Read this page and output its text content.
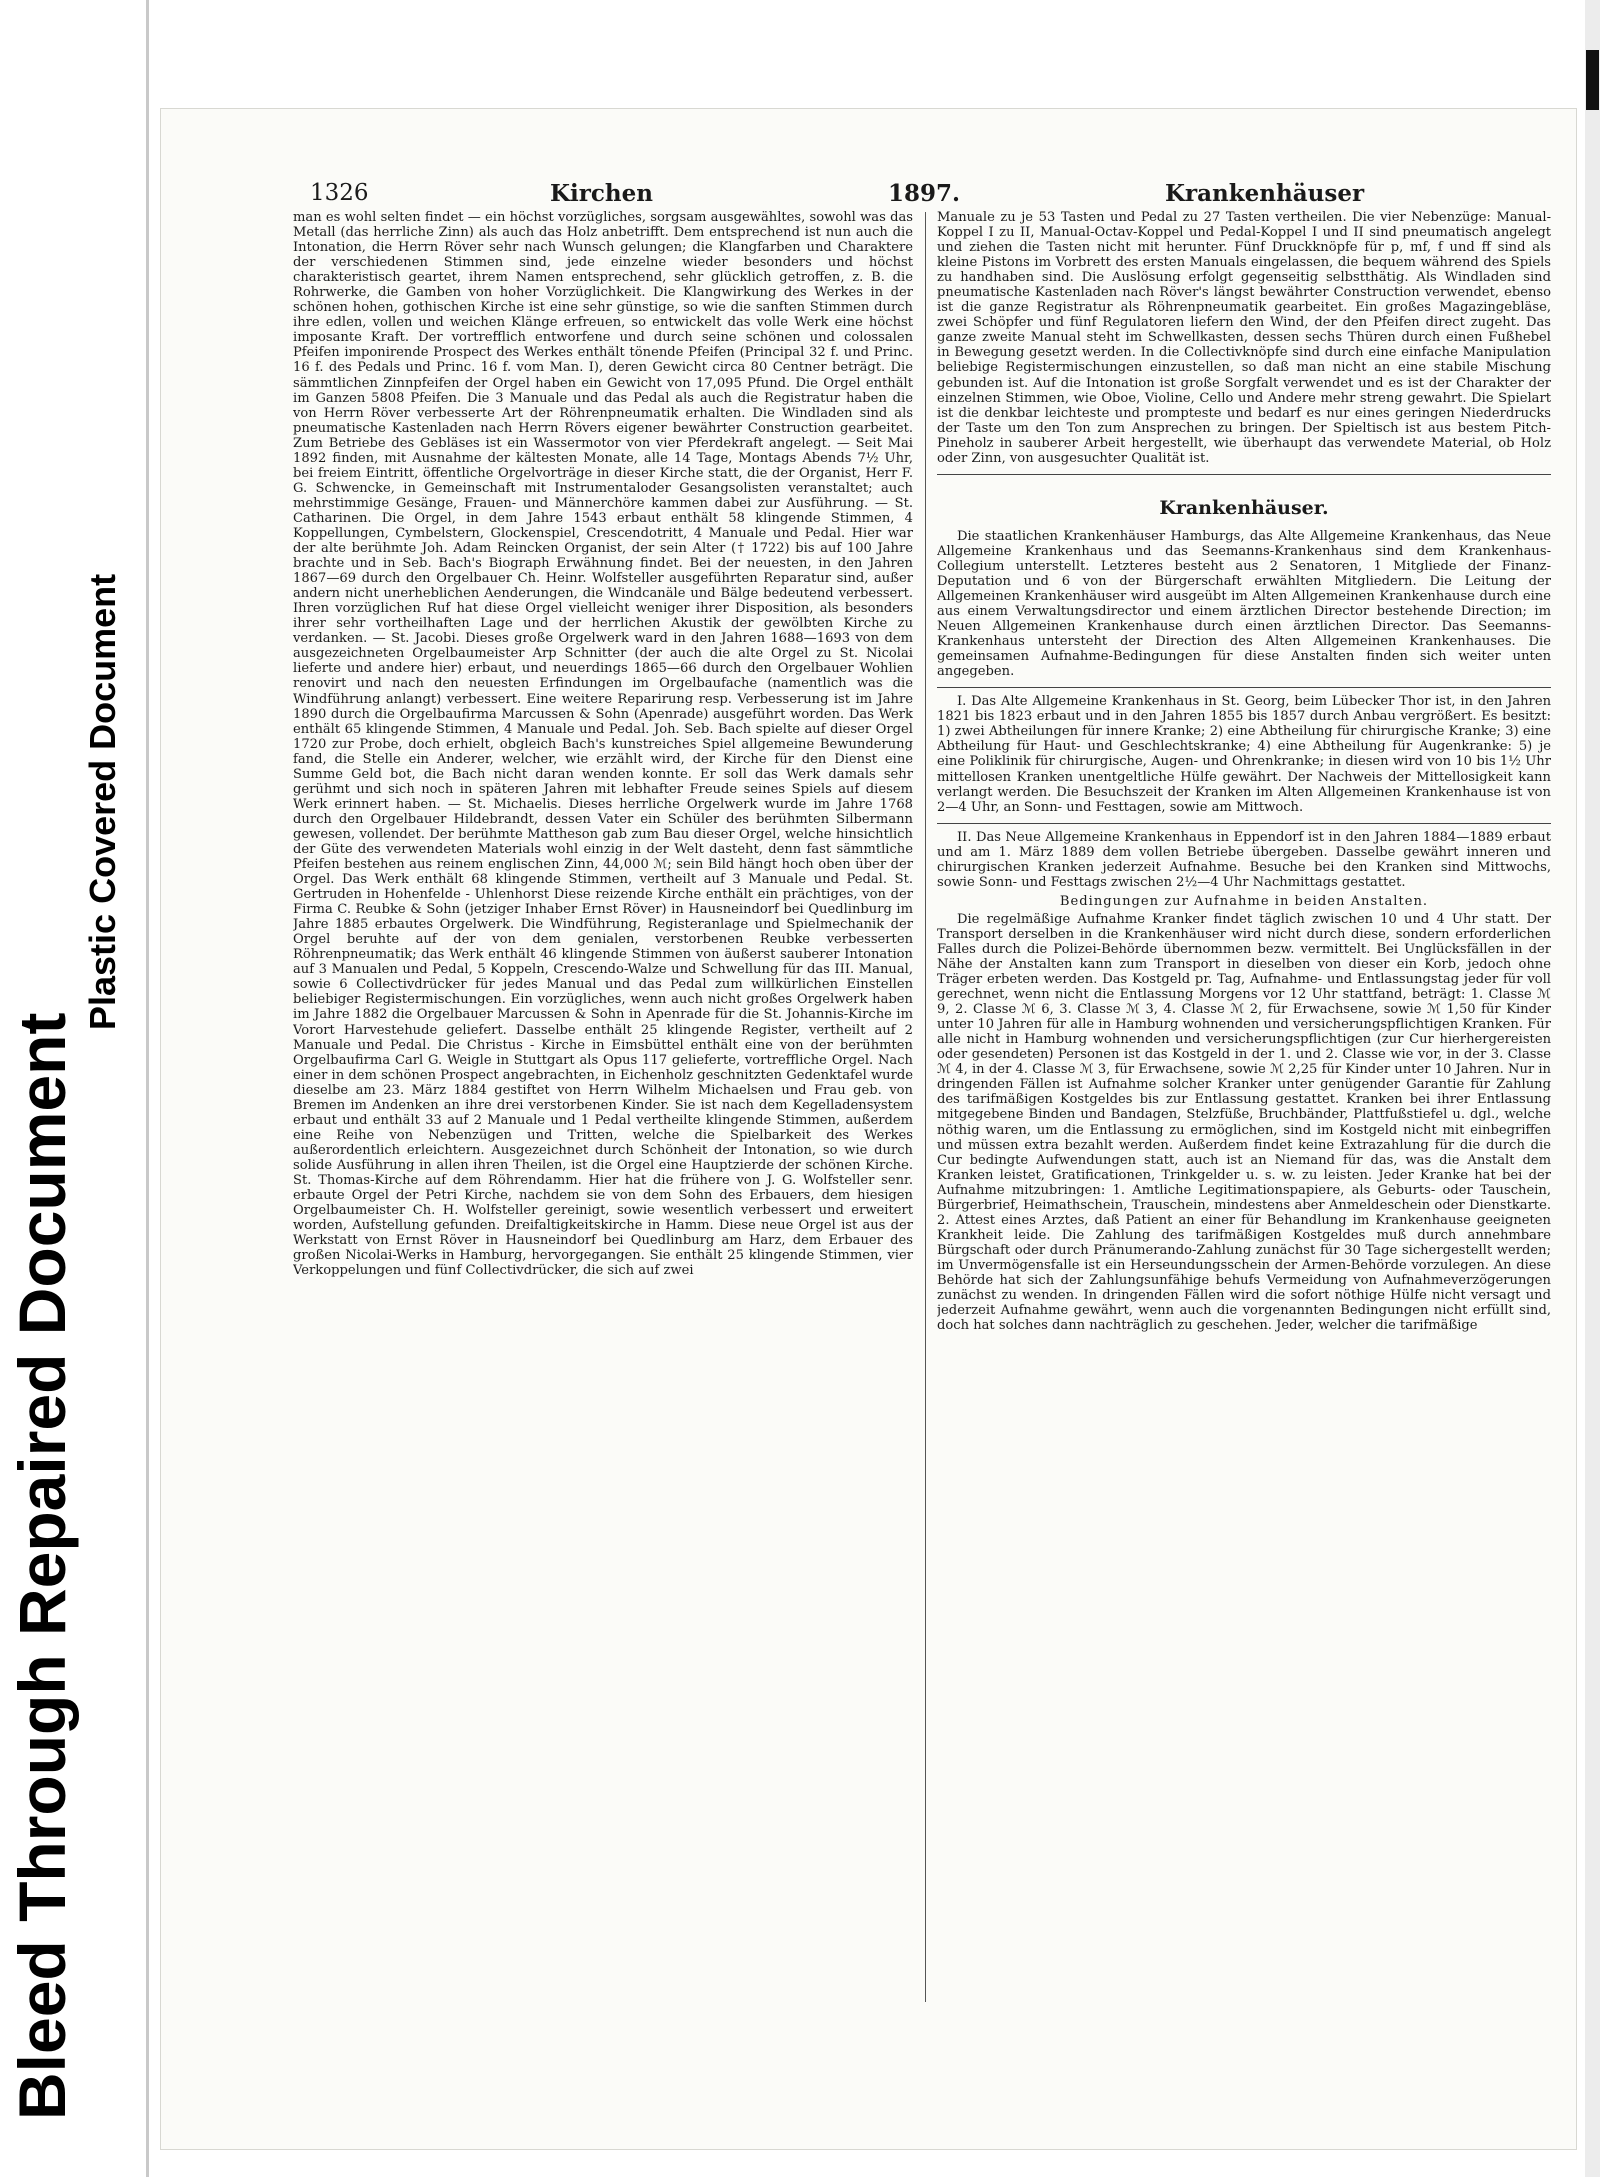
Bleed Through Repaired Document
Plastic Covered Document
1326	Kirchen	1897.	Krankenhäuser

man es wohl selten findet — ein höchst vorzügliches, sorgsam ausgewähltes, sowohl was das Metall (das herrliche Zinn) als auch das Holz anbetrifft. Dem entsprechend ist nun auch die Intonation, die Herrn Röver sehr nach Wunsch gelungen; die Klangfarben und Charaktere der verschiedenen Stimmen sind, jede einzelne wieder besonders und höchst charakteristisch geartet, ihrem Namen entsprechend, sehr glücklich getroffen, z. B. die Rohrwerke, die Gamben von hoher Vorzüglichkeit. Die Klangwirkung des Werkes in der schönen hohen, gothischen Kirche ist eine sehr günstige, so wie die sanften Stimmen durch ihre edlen, vollen und weichen Klänge erfreuen, so entwickelt das volle Werk eine höchst imposante Kraft. Der vortrefflich entworfene und durch seine schönen und colossalen Pfeifen imponirende Prospect des Werkes enthält tönende Pfeifen (Principal 32 f. und Princ. 16 f. des Pedals und Princ. 16 f. vom Man. I), deren Gewicht circa 80 Centner beträgt. Die sämmtlichen Zinnpfeifen der Orgel haben ein Gewicht von 17,095 Pfund. Die Orgel enthält im Ganzen 5808 Pfeifen. Die 3 Manuale und das Pedal als auch die Registratur haben die von Herrn Röver verbesserte Art der Röhrenpneumatik erhalten. Die Windladen sind als pneumatische Kastenladen nach Herrn Rövers eigener bewährter Construction gearbeitet. Zum Betriebe des Gebläses ist ein Wassermotor von vier Pferdekraft angelegt. — Seit Mai 1892 finden, mit Ausnahme der kältesten Monate, alle 14 Tage, Montags Abends 7½ Uhr, bei freiem Eintritt, öffentliche Orgelvorträge in dieser Kirche statt, die der Organist, Herr F. G. Schwencke, in Gemeinschaft mit Instrumentaloder Gesangsolisten veranstaltet; auch mehrstimmige Gesänge, Frauen- und Männerchöre kammen dabei zur Ausführung. — St. Catharinen. Die Orgel, in dem Jahre 1543 erbaut enthält 58 klingende Stimmen, 4 Koppellungen, Cymbelstern, Glockenspiel, Crescendotritt, 4 Manuale und Pedal. Hier war der alte berühmte Joh. Adam Reincken Organist, der sein Alter († 1722) bis auf 100 Jahre brachte und in Seb. Bach's Biograph Erwähnung findet. Bei der neuesten, in den Jahren 1867—69 durch den Orgelbauer Ch. Heinr. Wolfsteller ausgeführten Reparatur sind, außer andern nicht unerheblichen Aenderungen, die Windcanäle und Bälge bedeutend verbessert. Ihren vorzüglichen Ruf hat diese Orgel vielleicht weniger ihrer Disposition, als besonders ihrer sehr vortheilhaften Lage und der herrlichen Akustik der gewölbten Kirche zu verdanken. — St. Jacobi. Dieses große Orgelwerk ward in den Jahren 1688—1693 von dem ausgezeichneten Orgelbaumeister Arp Schnitter (der auch die alte Orgel zu St. Nicolai lieferte und andere hier) erbaut, und neuerdings 1865—66 durch den Orgelbauer Wohlien renovirt und nach den neuesten Erfindungen im Orgelbaufache (namentlich was die Windführung anlangt) verbessert. Eine weitere Reparirung resp. Verbesserung ist im Jahre 1890 durch die Orgelbaufirma Marcussen & Sohn (Apenrade) ausgeführt worden. Das Werk enthält 65 klingende Stimmen, 4 Manuale und Pedal. Joh. Seb. Bach spielte auf dieser Orgel 1720 zur Probe, doch erhielt, obgleich Bach's kunstreiches Spiel allgemeine Bewunderung fand, die Stelle ein Anderer, welcher, wie erzählt wird, der Kirche für den Dienst eine Summe Geld bot, die Bach nicht daran wenden konnte. Er soll das Werk damals sehr gerühmt und sich noch in späteren Jahren mit lebhafter Freude seines Spiels auf diesem Werk erinnert haben. — St. Michaelis. Dieses herrliche Orgelwerk wurde im Jahre 1768 durch den Orgelbauer Hildebrandt, dessen Vater ein Schüler des berühmten Silbermann gewesen, vollendet. Der berühmte Mattheson gab zum Bau dieser Orgel, welche hinsichtlich der Güte des verwendeten Materials wohl einzig in der Welt dasteht, denn fast sämmtliche Pfeifen bestehen aus reinem englischen Zinn, 44,000 ℳ; sein Bild hängt hoch oben über der Orgel. Das Werk enthält 68 klingende Stimmen, vertheilt auf 3 Manuale und Pedal. St. Gertruden in Hohenfelde - Uhlenhorst Diese reizende Kirche enthält ein prächtiges, von der Firma C. Reubke & Sohn (jetziger Inhaber Ernst Röver) in Hausneindorf bei Quedlinburg im Jahre 1885 erbautes Orgelwerk. Die Windführung, Registeranlage und Spielmechanik der Orgel beruhte auf der von dem genialen, verstorbenen Reubke verbesserten Röhrenpneumatik; das Werk enthält 46 klingende Stimmen von äußerst sauberer Intonation auf 3 Manualen und Pedal, 5 Koppeln, Crescendo-Walze und Schwellung für das III. Manual, sowie 6 Collectivdrücker für jedes Manual und das Pedal zum willkürlichen Einstellen beliebiger Registermischungen. Ein vorzügliches, wenn auch nicht großes Orgelwerk haben im Jahre 1882 die Orgelbauer Marcussen & Sohn in Apenrade für die St. Johannis-Kirche im Vorort Harvestehude geliefert. Dasselbe enthält 25 klingende Register, vertheilt auf 2 Manuale und Pedal. Die Christus - Kirche in Eimsbüttel enthält eine von der berühmten Orgelbaufirma Carl G. Weigle in Stuttgart als Opus 117 gelieferte, vortreffliche Orgel. Nach einer in dem schönen Prospect angebrachten, in Eichenholz geschnitzten Gedenktafel wurde dieselbe am 23. März 1884 gestiftet von Herrn Wilhelm Michaelsen und Frau geb. von Bremen im Andenken an ihre drei verstorbenen Kinder. Sie ist nach dem Kegelladensystem erbaut und enthält 33 auf 2 Manuale und 1 Pedal vertheilte klingende Stimmen, außerdem eine Reihe von Nebenzügen und Tritten, welche die Spielbarkeit des Werkes außerordentlich erleichtern. Ausgezeichnet durch Schönheit der Intonation, so wie durch solide Ausführung in allen ihren Theilen, ist die Orgel eine Hauptzierde der schönen Kirche. St. Thomas-Kirche auf dem Röhrendamm. Hier hat die frühere von J. G. Wolfsteller senr. erbaute Orgel der Petri Kirche, nachdem sie von dem Sohn des Erbauers, dem hiesigen Orgelbaumeister Ch. H. Wolfsteller gereinigt, sowie wesentlich verbessert und erweitert worden, Aufstellung gefunden. Dreifaltigkeitskirche in Hamm. Diese neue Orgel ist aus der Werkstatt von Ernst Röver in Hausneindorf bei Quedlinburg am Harz, dem Erbauer des großen Nicolai-Werks in Hamburg, hervorgegangen. Sie enthält 25 klingende Stimmen, vier Verkoppelungen und fünf Collectivdrücker, die sich auf zwei

Manuale zu je 53 Tasten und Pedal zu 27 Tasten vertheilen. Die vier Nebenzüge: Manual-Koppel I zu II, Manual-Octav-Koppel und Pedal-Koppel I und II sind pneumatisch angelegt und ziehen die Tasten nicht mit herunter. Fünf Druckknöpfe für p, mf, f und ff sind als kleine Pistons im Vorbrett des ersten Manuals eingelassen, die bequem während des Spiels zu handhaben sind. Die Auslösung erfolgt gegenseitig selbstthätig. Als Windladen sind pneumatische Kastenladen nach Röver's längst bewährter Construction verwendet, ebenso ist die ganze Registratur als Röhrenpneumatik gearbeitet. Ein großes Magazingebläse, zwei Schöpfer und fünf Regulatoren liefern den Wind, der den Pfeifen direct zugeht. Das ganze zweite Manual steht im Schwellkasten, dessen sechs Thüren durch einen Fußhebel in Bewegung gesetzt werden. In die Collectivknöpfe sind durch eine einfache Manipulation beliebige Registermischungen einzustellen, so daß man nicht an eine stabile Mischung gebunden ist. Auf die Intonation ist große Sorgfalt verwendet und es ist der Charakter der einzelnen Stimmen, wie Oboe, Violine, Cello und Andere mehr streng gewahrt. Die Spielart ist die denkbar leichteste und prompteste und bedarf es nur eines geringen Niederdrucks der Taste um den Ton zum Ansprechen zu bringen. Der Spieltisch ist aus bestem Pitch-Pineholz in sauberer Arbeit hergestellt, wie überhaupt das verwendete Material, ob Holz oder Zinn, von ausgesuchter Qualität ist.

Krankenhäuser.

Die staatlichen Krankenhäuser Hamburgs, das Alte Allgemeine Krankenhaus, das Neue Allgemeine Krankenhaus und das Seemanns-Krankenhaus sind dem Krankenhaus-Collegium unterstellt. Letzteres besteht aus 2 Senatoren, 1 Mitgliede der Finanz-Deputation und 6 von der Bürgerschaft erwählten Mitgliedern. Die Leitung der Allgemeinen Krankenhäuser wird ausgeübt im Alten Allgemeinen Krankenhause durch eine aus einem Verwaltungsdirector und einem ärztlichen Director bestehende Direction; im Neuen Allgemeinen Krankenhause durch einen ärztlichen Director. Das Seemanns-Krankenhaus untersteht der Direction des Alten Allgemeinen Krankenhauses. Die gemeinsamen Aufnahme-Bedingungen für diese Anstalten finden sich weiter unten angegeben.

I. Das Alte Allgemeine Krankenhaus in St. Georg, beim Lübecker Thor ist, in den Jahren 1821 bis 1823 erbaut und in den Jahren 1855 bis 1857 durch Anbau vergrößert. Es besitzt: 1) zwei Abtheilungen für innere Kranke; 2) eine Abtheilung für chirurgische Kranke; 3) eine Abtheilung für Haut- und Geschlechtskranke; 4) eine Abtheilung für Augenkranke: 5) je eine Poliklinik für chirurgische, Augen- und Ohrenkranke; in diesen wird von 10 bis 1½ Uhr mittellosen Kranken unentgeltliche Hülfe gewährt. Der Nachweis der Mittellosigkeit kann verlangt werden. Die Besuchszeit der Kranken im Alten Allgemeinen Krankenhause ist von 2—4 Uhr, an Sonn- und Festtagen, sowie am Mittwoch.

II. Das Neue Allgemeine Krankenhaus in Eppendorf ist in den Jahren 1884—1889 erbaut und am 1. März 1889 dem vollen Betriebe übergeben. Dasselbe gewährt inneren und chirurgischen Kranken jederzeit Aufnahme. Besuche bei den Kranken sind Mittwochs, sowie Sonn- und Festtags zwischen 2½—4 Uhr Nachmittags gestattet.

Bedingungen zur Aufnahme in beiden Anstalten.

Die regelmäßige Aufnahme Kranker findet täglich zwischen 10 und 4 Uhr statt. Der Transport derselben in die Krankenhäuser wird nicht durch diese, sondern erforderlichen Falles durch die Polizei-Behörde übernommen bezw. vermittelt. Bei Unglücksfällen in der Nähe der Anstalten kann zum Transport in dieselben von dieser ein Korb, jedoch ohne Träger erbeten werden. Das Kostgeld pr. Tag, Aufnahme- und Entlassungstag jeder für voll gerechnet, wenn nicht die Entlassung Morgens vor 12 Uhr stattfand, beträgt: 1. Classe ℳ 9, 2. Classe ℳ 6, 3. Classe ℳ 3, 4. Classe ℳ 2, für Erwachsene, sowie ℳ 1,50 für Kinder unter 10 Jahren für alle in Hamburg wohnenden und versicherungspflichtigen Kranken. Für alle nicht in Hamburg wohnenden und versicherungspflichtigen (zur Cur hierhergereisten oder gesendeten) Personen ist das Kostgeld in der 1. und 2. Classe wie vor, in der 3. Classe ℳ 4, in der 4. Classe ℳ 3, für Erwachsene, sowie ℳ 2,25 für Kinder unter 10 Jahren. Nur in dringenden Fällen ist Aufnahme solcher Kranker unter genügender Garantie für Zahlung des tarifmäßigen Kostgeldes bis zur Entlassung gestattet. Kranken bei ihrer Entlassung mitgegebene Binden und Bandagen, Stelzfüße, Bruchbänder, Plattfußstiefel u. dgl., welche nöthig waren, um die Entlassung zu ermöglichen, sind im Kostgeld nicht mit einbegriffen und müssen extra bezahlt werden. Außerdem findet keine Extrazahlung für die durch die Cur bedingte Aufwendungen statt, auch ist an Niemand für das, was die Anstalt dem Kranken leistet, Gratificationen, Trinkgelder u. s. w. zu leisten. Jeder Kranke hat bei der Aufnahme mitzubringen: 1. Amtliche Legitimationspapiere, als Geburts- oder Tauschein, Bürgerbrief, Heimathschein, Trauschein, mindestens aber Anmeldeschein oder Dienstkarte. 2. Attest eines Arztes, daß Patient an einer für Behandlung im Krankenhause geeigneten Krankheit leide. Die Zahlung des tarifmäßigen Kostgeldes muß durch annehmbare Bürgschaft oder durch Pränumerando-Zahlung zunächst für 30 Tage sichergestellt werden; im Unvermögensfalle ist ein Herseundungsschein der Armen-Behörde vorzulegen. An diese Behörde hat sich der Zahlungsunfähige behufs Vermeidung von Aufnahmeverzögerungen zunächst zu wenden. In dringenden Fällen wird die sofort nöthige Hülfe nicht versagt und jederzeit Aufnahme gewährt, wenn auch die vorgenannten Bedingungen nicht erfüllt sind, doch hat solches dann nachträglich zu geschehen. Jeder, welcher die tarifmäßige
